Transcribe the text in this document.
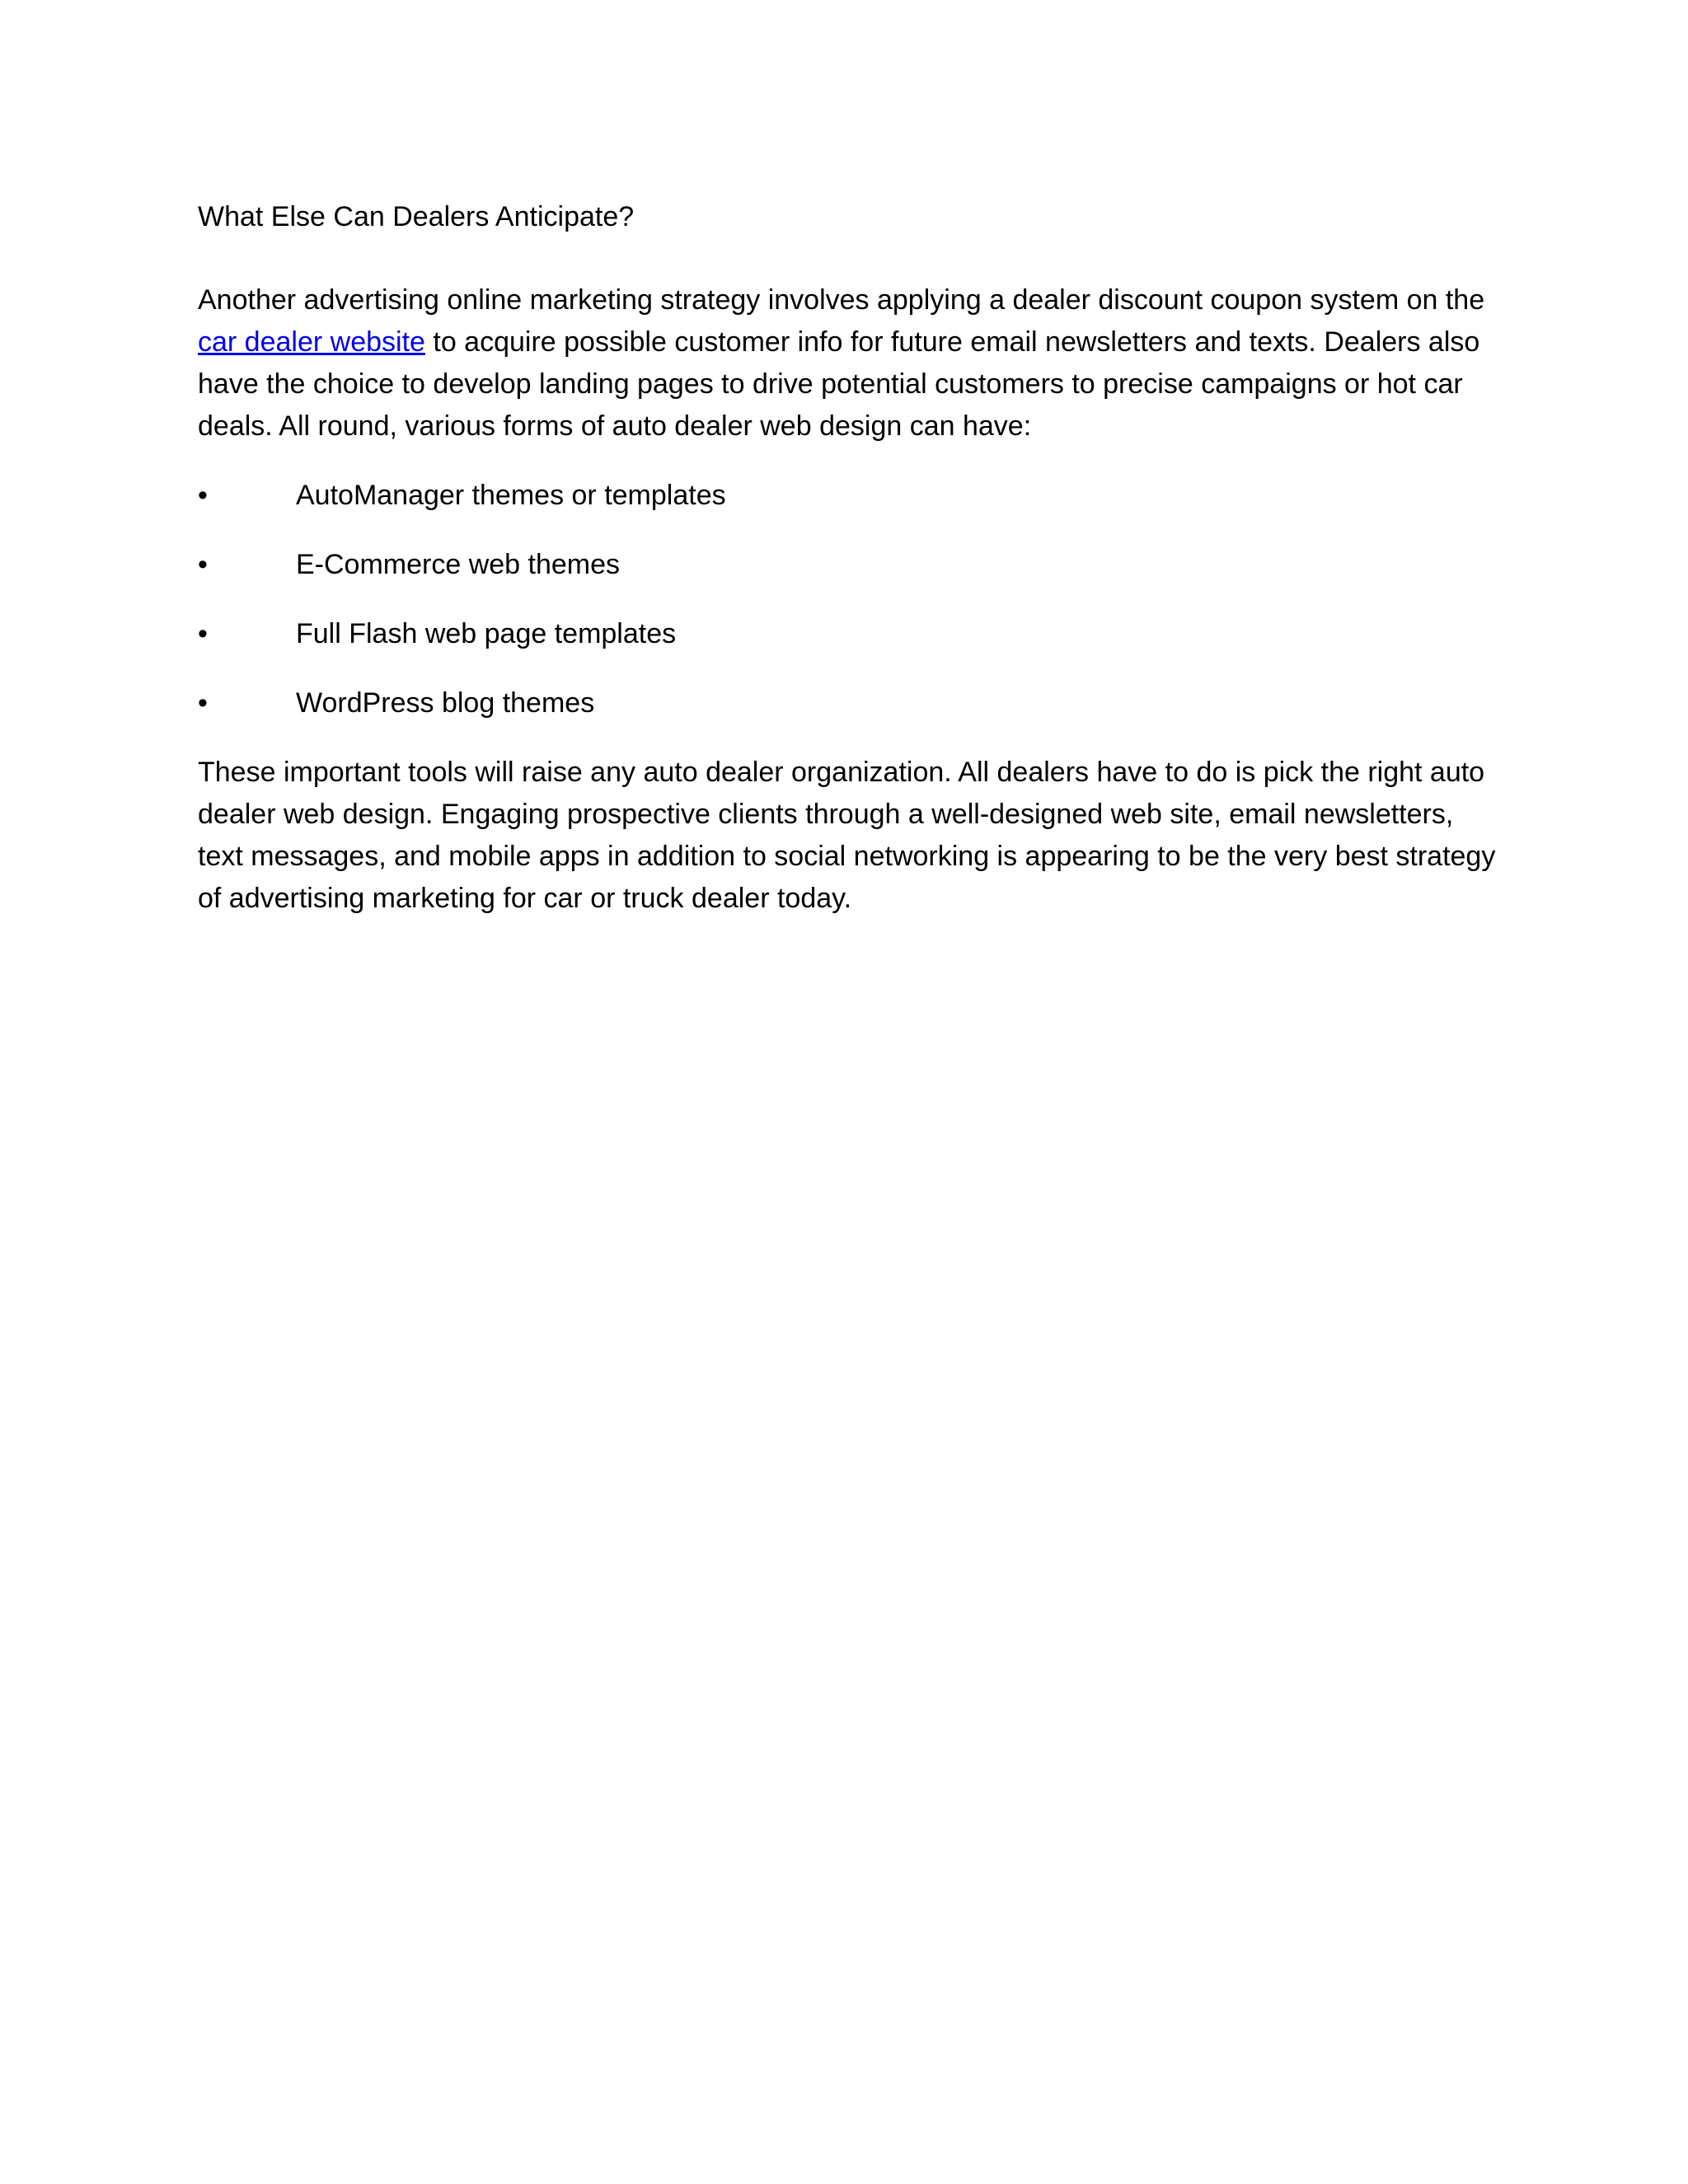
What Else Can Dealers Anticipate?

Another advertising online marketing strategy involves applying a dealer discount coupon system on the car dealer website to acquire possible customer info for future email newsletters and texts. Dealers also have the choice to develop landing pages to drive potential customers to precise campaigns or hot car deals. All round, various forms of auto dealer web design can have:

•	AutoManager themes or templates
•	E-Commerce web themes
•	Full Flash web page templates
•	WordPress blog themes

These important tools will raise any auto dealer organization. All dealers have to do is pick the right auto dealer web design. Engaging prospective clients through a well-designed web site, email newsletters, text messages, and mobile apps in addition to social networking is appearing to be the very best strategy of advertising marketing for car or truck dealer today.
